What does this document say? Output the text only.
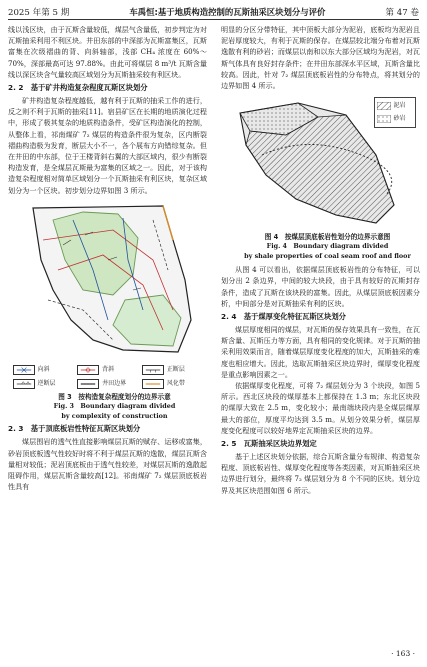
2025 年第 5 期	车禹恒:基于地质构造控制的瓦斯抽采区块划分与评价	第 47 卷

线以浅区块，由于瓦斯含量较低，煤层气含量低，初步判定为对瓦斯抽采利用不利区块。井田东部的中深部为瓦斯富集区，瓦斯富集在次级褶曲的背、向斜轴部，浅部 CH₄ 浓度在 60%～70%，深部最高可达 97.88%。由此可将煤层 8 m³/t 瓦斯含量线以深区块含气量较高区域划分为瓦斯抽采较有利区块。

2. 2　基于矿井构造复杂程度瓦斯区块划分

矿井构造复杂程度越低，越有利于瓦斯的抽采工作的进行，反之则不利于瓦斯的抽采[11]。宿县矿区在长期的地质演化过程中，形成了极其复杂的地质构造条件，受矿区构造演化的控制，从整体上看，祁南煤矿 7₂ 煤层的构造条件很为复杂，区内断裂褶曲构造极为发育，断层大小不一，各个展布方向错综复杂。但在井田的中东部，位于王楼背斜右翼的大部区域内，很少有断裂构造发育，是全煤层瓦斯最为富集的区域之一。因此，对于该构造复杂程度相对简单区域划分一个瓦斯抽采有利区块，复杂区域划分为一个区块。初步划分边界如图 3 所示。

向斜	背斜	正断层
逆断层	井田边界	风化带

图 3　按构造复杂程度划分的边界示意

Fig. 3　Boundary diagram divided

by complexity of construction

2. 3　基于顶底板岩性特征瓦斯区块划分

煤层围岩的透气性直接影响煤层瓦斯的赋存、运移或富集，砂岩顶底板透气性较好时将不利于煤层瓦斯的逸散，煤层瓦斯含量相对较低；泥岩顶底板由于透气性较差，对煤层瓦斯的逸散起阻碍作用，煤层瓦斯含量较高[12]。祁南煤矿 7₂ 煤层顶底板岩性具有

明显的分区分带特征，其中顶板大部分为泥岩，底板均为泥岩且泥岩厚度较大，有利于瓦斯的保存。在煤层较北端分布着对瓦斯逸散有利的砂岩；而煤层以南和以东大部分区域均为泥岩，对瓦斯气体具有良好封存条件；在井田东部深水平区域，瓦斯含量比较高。因此，针对 7₂ 煤层顶底板岩性的分布特点，将其划分的边界如图 4 所示。

泥岩
砂岩

图 4　按煤层顶底板岩性划分的边界示意图

Fig. 4　Boundary diagram divided

by shale properties of coal seam roof and floor

从图 4 可以看出，依据煤层顶底板岩性的分布特征，可以划分出 2 条边界，中间的较大块段，由于具有较好的瓦斯封存条件，造成了瓦斯在该块段的富集。因此，从煤层顶底板因素分析，中间部分是对瓦斯抽采有利的区块。

2. 4　基于煤厚变化特征瓦斯区块划分

煤层厚度相同的煤层，对瓦斯的保存效果具有一致性，在瓦斯含量、瓦斯压力等方面，具有相同的变化规律。对于瓦斯的抽采利用效果而言，随着煤层厚度变化程度的加大，瓦斯抽采的难度也相应增大。因此，选取瓦斯抽采区块边界时，煤厚变化程度是重点影响因素之一。

依据煤厚变化程度，可将 7₂ 煤层划分为 3 个块段，如图 5 所示。西北区块段的煤厚基本上都保持在 1.3 m；东北区块段的煤厚大致在 2.5 m，变化较小；最南端块段内是全煤层煤厚最大的部位，厚度平均达到 3.5 m。从划分效果分析，煤层厚度变化程度可以较好地界定瓦斯抽采区块的边界。

2. 5　瓦斯抽采区块边界划定

基于上述区块划分依据，综合瓦斯含量分布规律、构造复杂程度、顶底板岩性、煤厚变化程度等各类因素，对瓦斯抽采区块边界进行划分，最终将 7₂ 煤层划分为 8 个不同的区块。划分边界及其区块范围如图 6 所示。

· 163 ·
